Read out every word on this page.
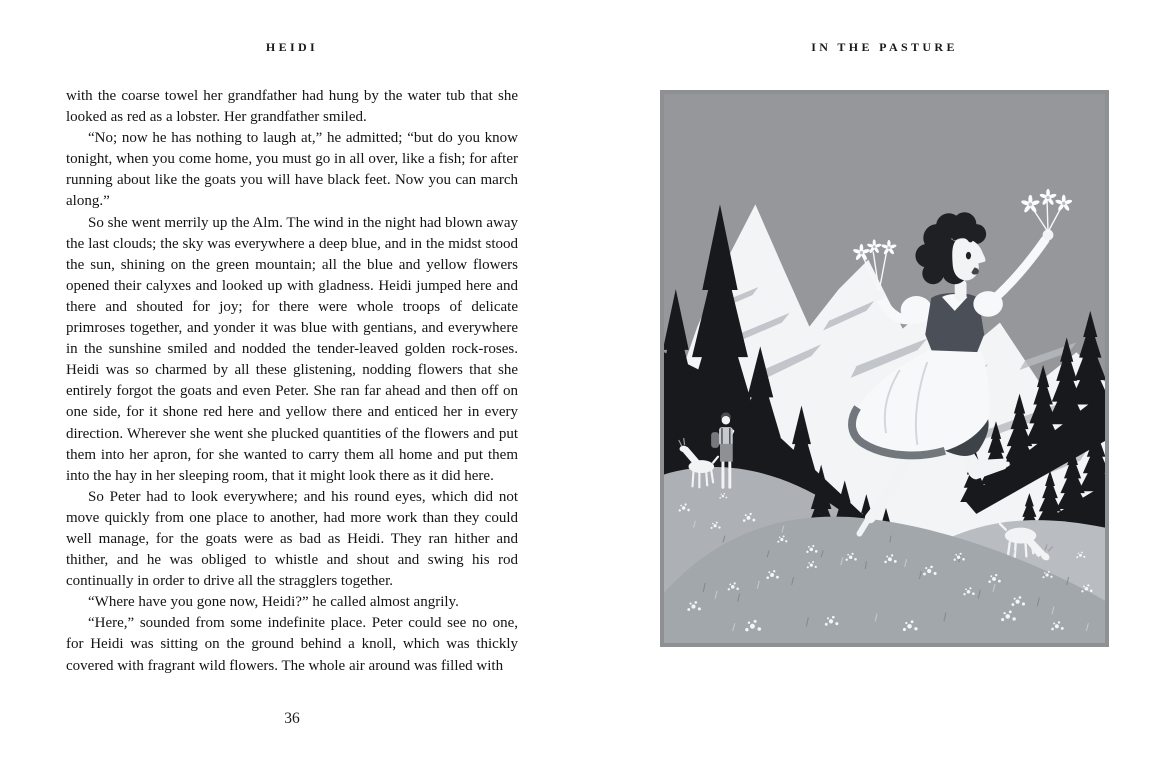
HEIDI

with the coarse towel her grandfather had hung by the water tub that she looked as red as a lobster. Her grandfather smiled.

“No; now he has nothing to laugh at,” he admitted; “but do you know tonight, when you come home, you must go in all over, like a fish; for after running about like the goats you will have black feet. Now you can march along.”

So she went merrily up the Alm. The wind in the night had blown away the last clouds; the sky was everywhere a deep blue, and in the midst stood the sun, shining on the green mountain; all the blue and yellow flowers opened their calyxes and looked up with gladness. Heidi jumped here and there and shouted for joy; for there were whole troops of delicate primroses together, and yonder it was blue with gentians, and everywhere in the sunshine smiled and nodded the tender-leaved golden rock-roses. Heidi was so charmed by all these glistening, nodding flowers that she entirely forgot the goats and even Peter. She ran far ahead and then off on one side, for it shone red here and yellow there and enticed her in every direction. Wherever she went she plucked quantities of the flowers and put them into her apron, for she wanted to carry them all home and put them into the hay in her sleeping room, that it might look there as it did here.

So Peter had to look everywhere; and his round eyes, which did not move quickly from one place to another, had more work than they could well manage, for the goats were as bad as Heidi. They ran hither and thither, and he was obliged to whistle and shout and swing his rod continually in order to drive all the stragglers together.

“Where have you gone now, Heidi?” he called almost angrily.

“Here,” sounded from some indefinite place. Peter could see no one, for Heidi was sitting on the ground behind a knoll, which was thickly covered with fragrant wild flowers. The whole air around was filled with

36
IN THE PASTURE
